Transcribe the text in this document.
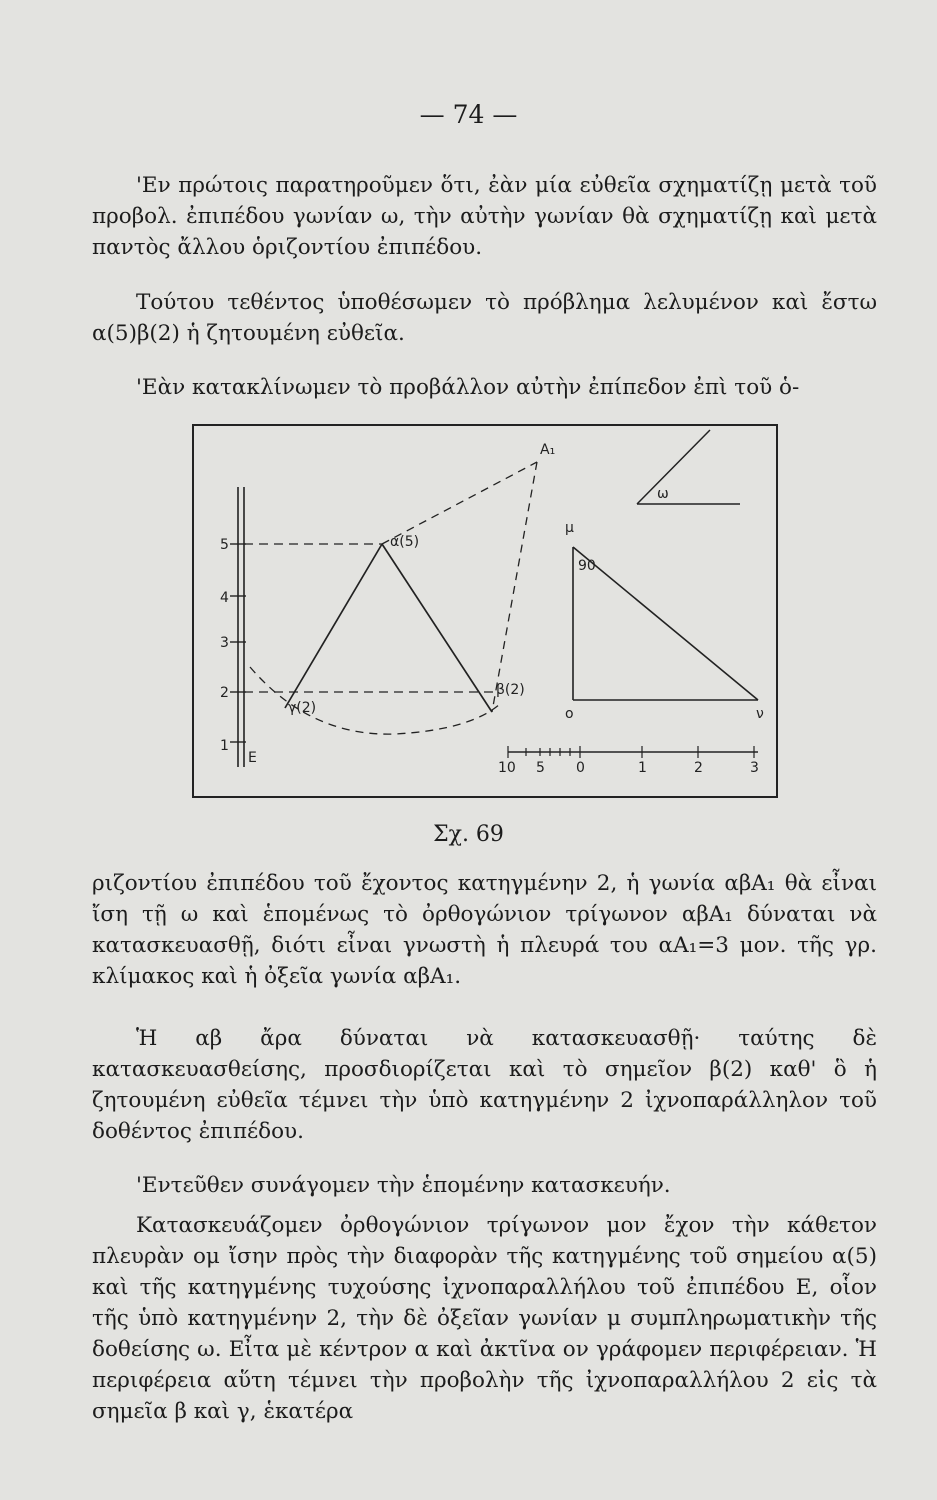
— 74 —

'Εν πρώτοις παρατηροῦμεν ὅτι, ἐὰν μία εὐθεῖα σχηματίζῃ μετὰ τοῦ προβολ. ἐπιπέδου γωνίαν ω, τὴν αὐτὴν γωνίαν θὰ σχηματίζῃ καὶ μετὰ παντὸς ἄλλου ὁριζοντίου ἐπιπέδου.

Τούτου τεθέντος ὑποθέσωμεν τὸ πρόβλημα λελυμένον καὶ ἔστω α(5)β(2) ἡ ζητουμένη εὐθεῖα.

'Εὰν κατακλίνωμεν τὸ προβάλλον αὐτὴν ἐπίπεδον ἐπὶ τοῦ ὁ-

5
4
3
2
1
E
A₁
α(5)
β(2)
γ(2)
ω
μ
90
o	ν
10 5 0	1	2	3
Σχ. 69

ριζοντίου ἐπιπέδου τοῦ ἔχοντος κατηγμένην 2, ἡ γωνία αβA₁ θὰ εἶναι ἴση τῇ ω καὶ ἑπομένως τὸ ὀρθογώνιον τρίγωνον αβA₁ δύναται νὰ κατασκευασθῇ, διότι εἶναι γνωστὴ ἡ πλευρά του αA₁=3 μον. τῆς γρ. κλίμακος καὶ ἡ ὀξεῖα γωνία αβA₁.

Ἡ αβ ἄρα δύναται νὰ κατασκευασθῇ· ταύτης δὲ κατασκευασθείσης, προσδιορίζεται καὶ τὸ σημεῖον β(2) καθ' ὃ ἡ ζητουμένη εὐθεῖα τέμνει τὴν ὑπὸ κατηγμένην 2 ἰχνοπαράλληλον τοῦ δοθέντος ἐπιπέδου.

'Εντεῦθεν συνάγομεν τὴν ἑπομένην κατασκευήν.

Κατασκευάζομεν ὀρθογώνιον τρίγωνον μον ἔχον τὴν κάθετον πλευρὰν ομ ἴσην πρὸς τὴν διαφορὰν τῆς κατηγμένης τοῦ σημείου α(5) καὶ τῆς κατηγμένης τυχούσης ἰχνοπαραλλήλου τοῦ ἐπιπέδου E, οἷον τῆς ὑπὸ κατηγμένην 2, τὴν δὲ ὀξεῖαν γωνίαν μ συμπληρωματικὴν τῆς δοθείσης ω. Εἶτα μὲ κέντρον α καὶ ἀκτῖνα ον γράφομεν περιφέρειαν. Ἡ περιφέρεια αὕτη τέμνει τὴν προβολὴν τῆς ἰχνοπαραλλήλου 2 εἰς τὰ σημεῖα β καὶ γ, ἑκατέρα
